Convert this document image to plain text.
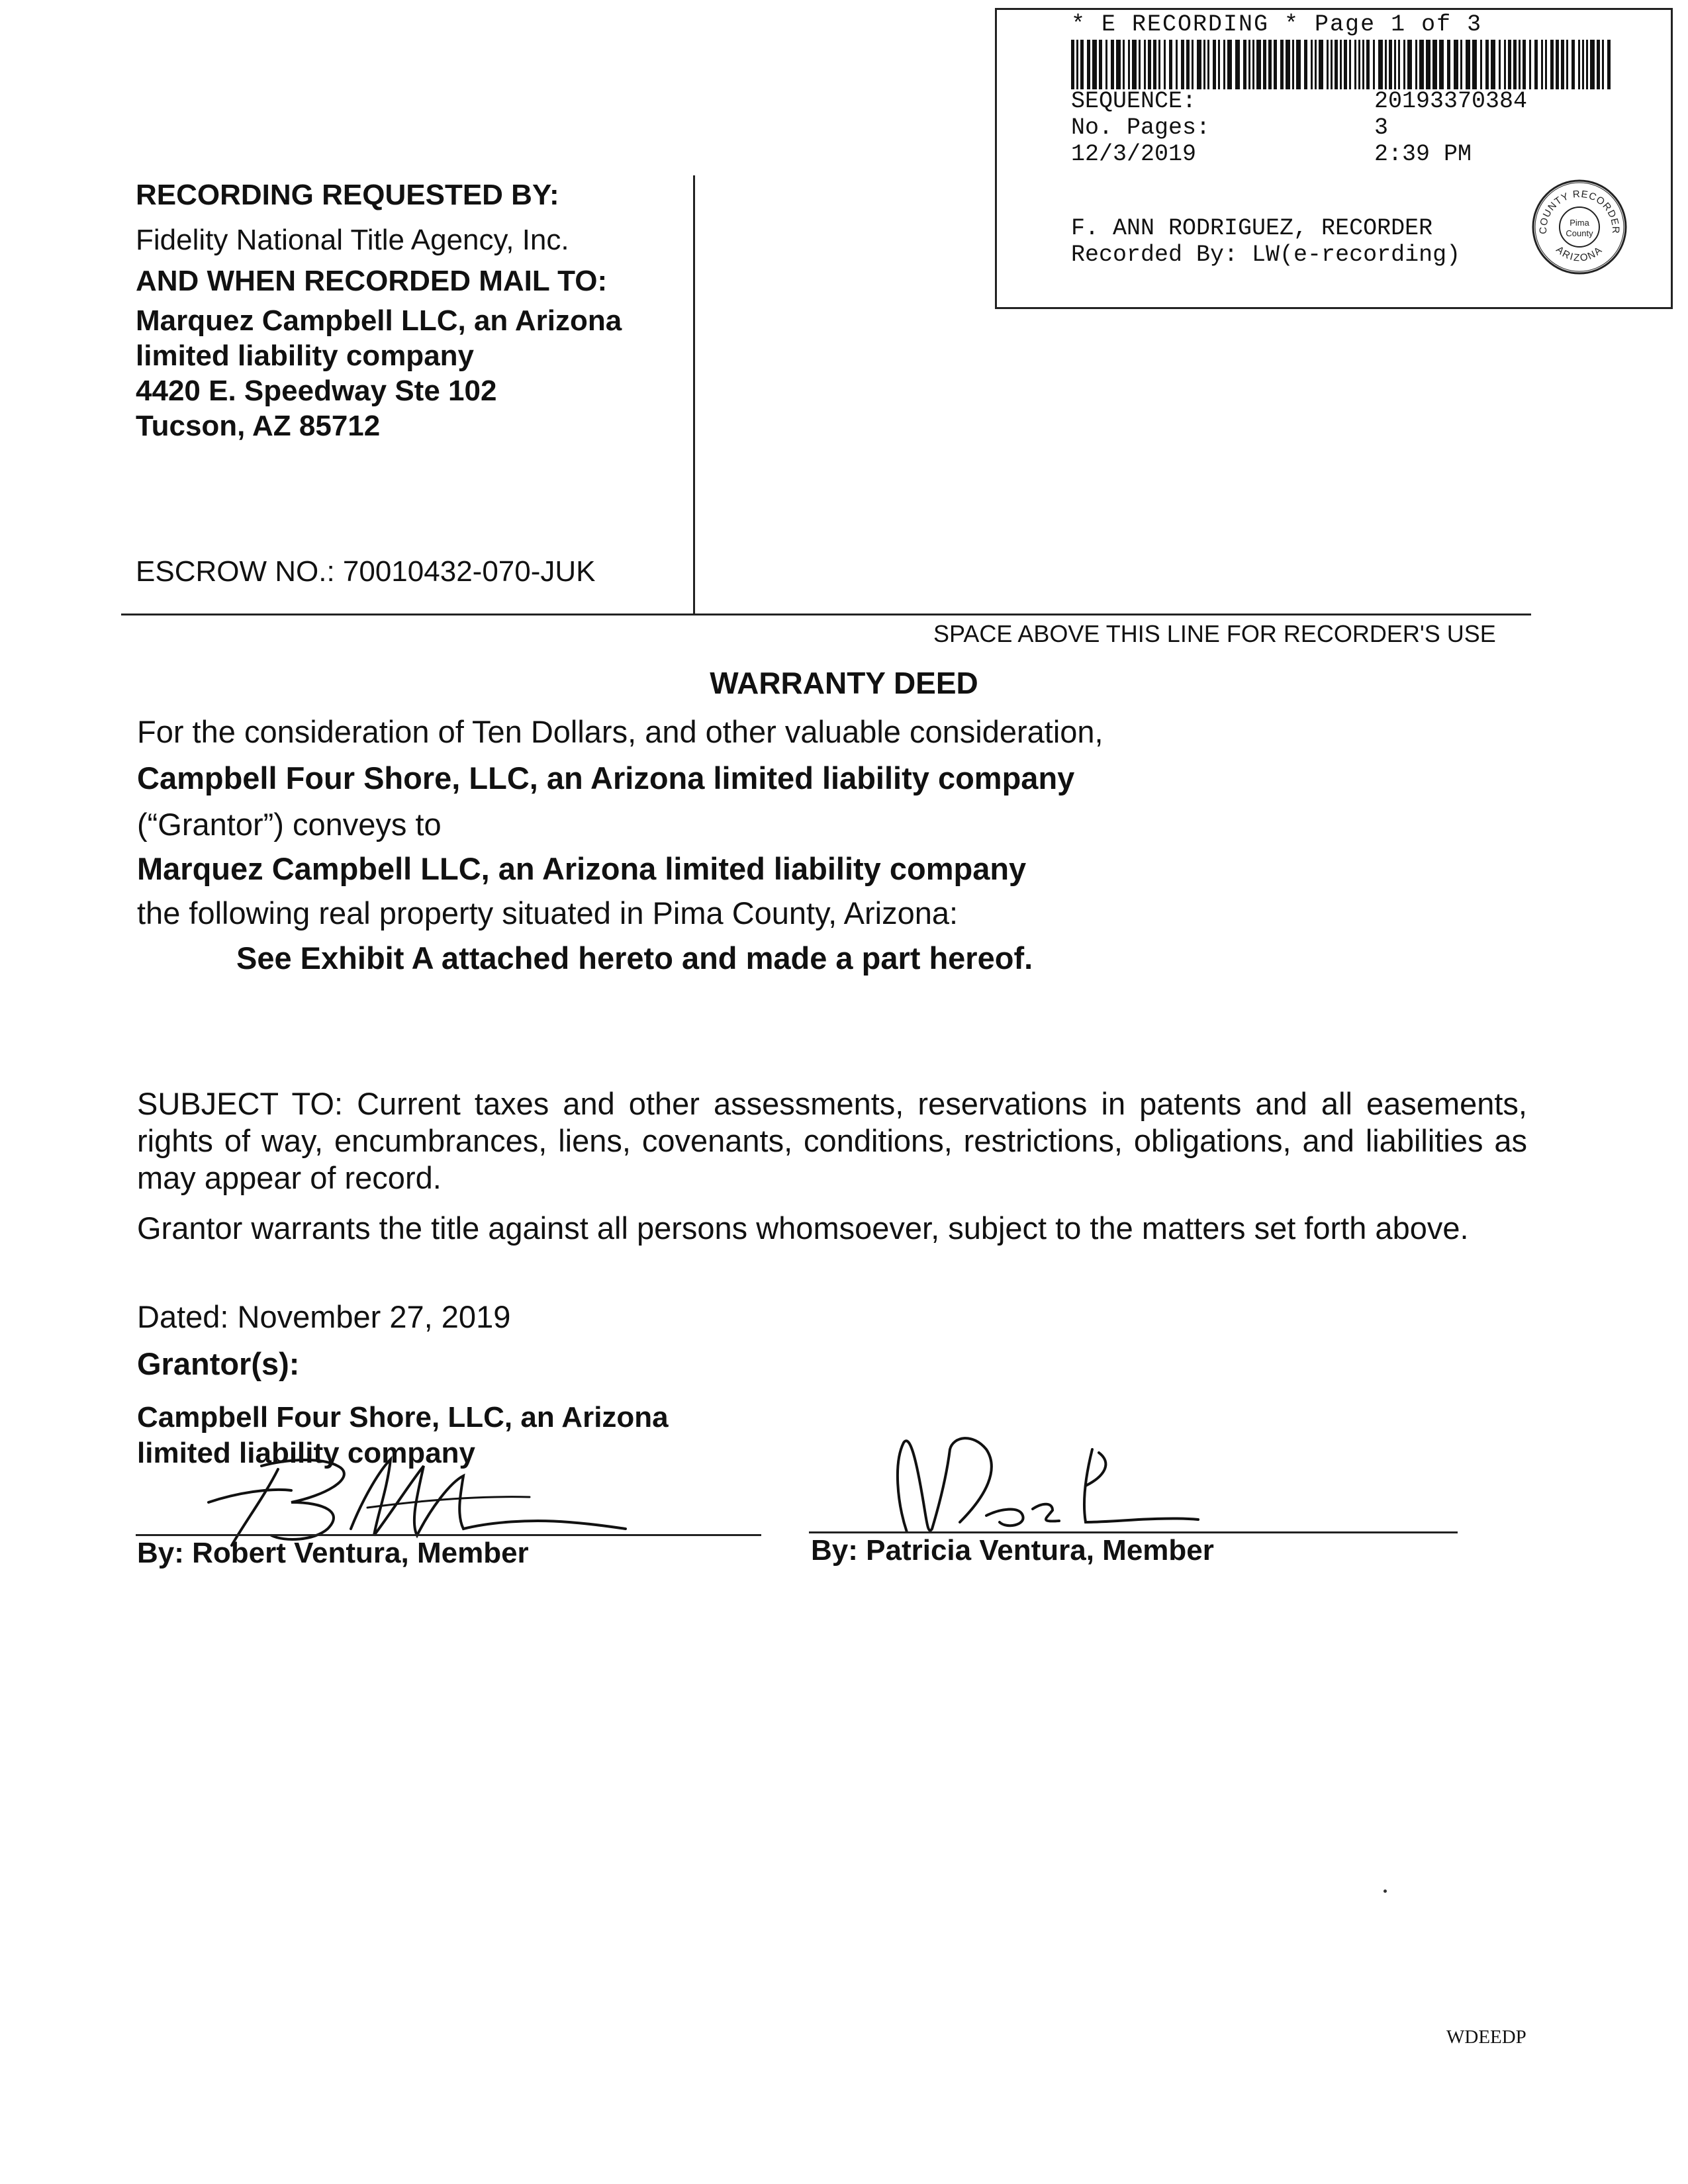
* E RECORDING * Page 1 of 3
SEQUENCE:	20193370384
No. Pages:	3
12/3/2019	2:39 PM
F. ANN RODRIGUEZ, RECORDER
Recorded By: LW(e-recording)
COUNTY RECORDER
ARIZONA
Pima
County
RECORDING REQUESTED BY:
Fidelity National Title Agency, Inc.
AND WHEN RECORDED MAIL TO:
Marquez Campbell LLC, an Arizona
limited liability company
4420 E. Speedway Ste 102
Tucson, AZ 85712
ESCROW NO.: 70010432-070-JUK
SPACE ABOVE THIS LINE FOR RECORDER'S USE
WARRANTY DEED
For the consideration of Ten Dollars, and other valuable consideration,
Campbell Four Shore, LLC, an Arizona limited liability company
(“Grantor”) conveys to
Marquez Campbell LLC, an Arizona limited liability company
the following real property situated in Pima County, Arizona:
See Exhibit A attached hereto and made a part hereof.
SUBJECT TO: Current taxes and other assessments, reservations in patents and all easements, rights of way, encumbrances, liens, covenants, conditions, restrictions, obligations, and liabilities as may appear of record.
Grantor warrants the title against all persons whomsoever, subject to the matters set forth above.
Dated: November 27, 2019
Grantor(s):
Campbell Four Shore, LLC, an Arizona
limited liability company
By: Robert Ventura, Member	By: Patricia Ventura, Member
WDEEDP
